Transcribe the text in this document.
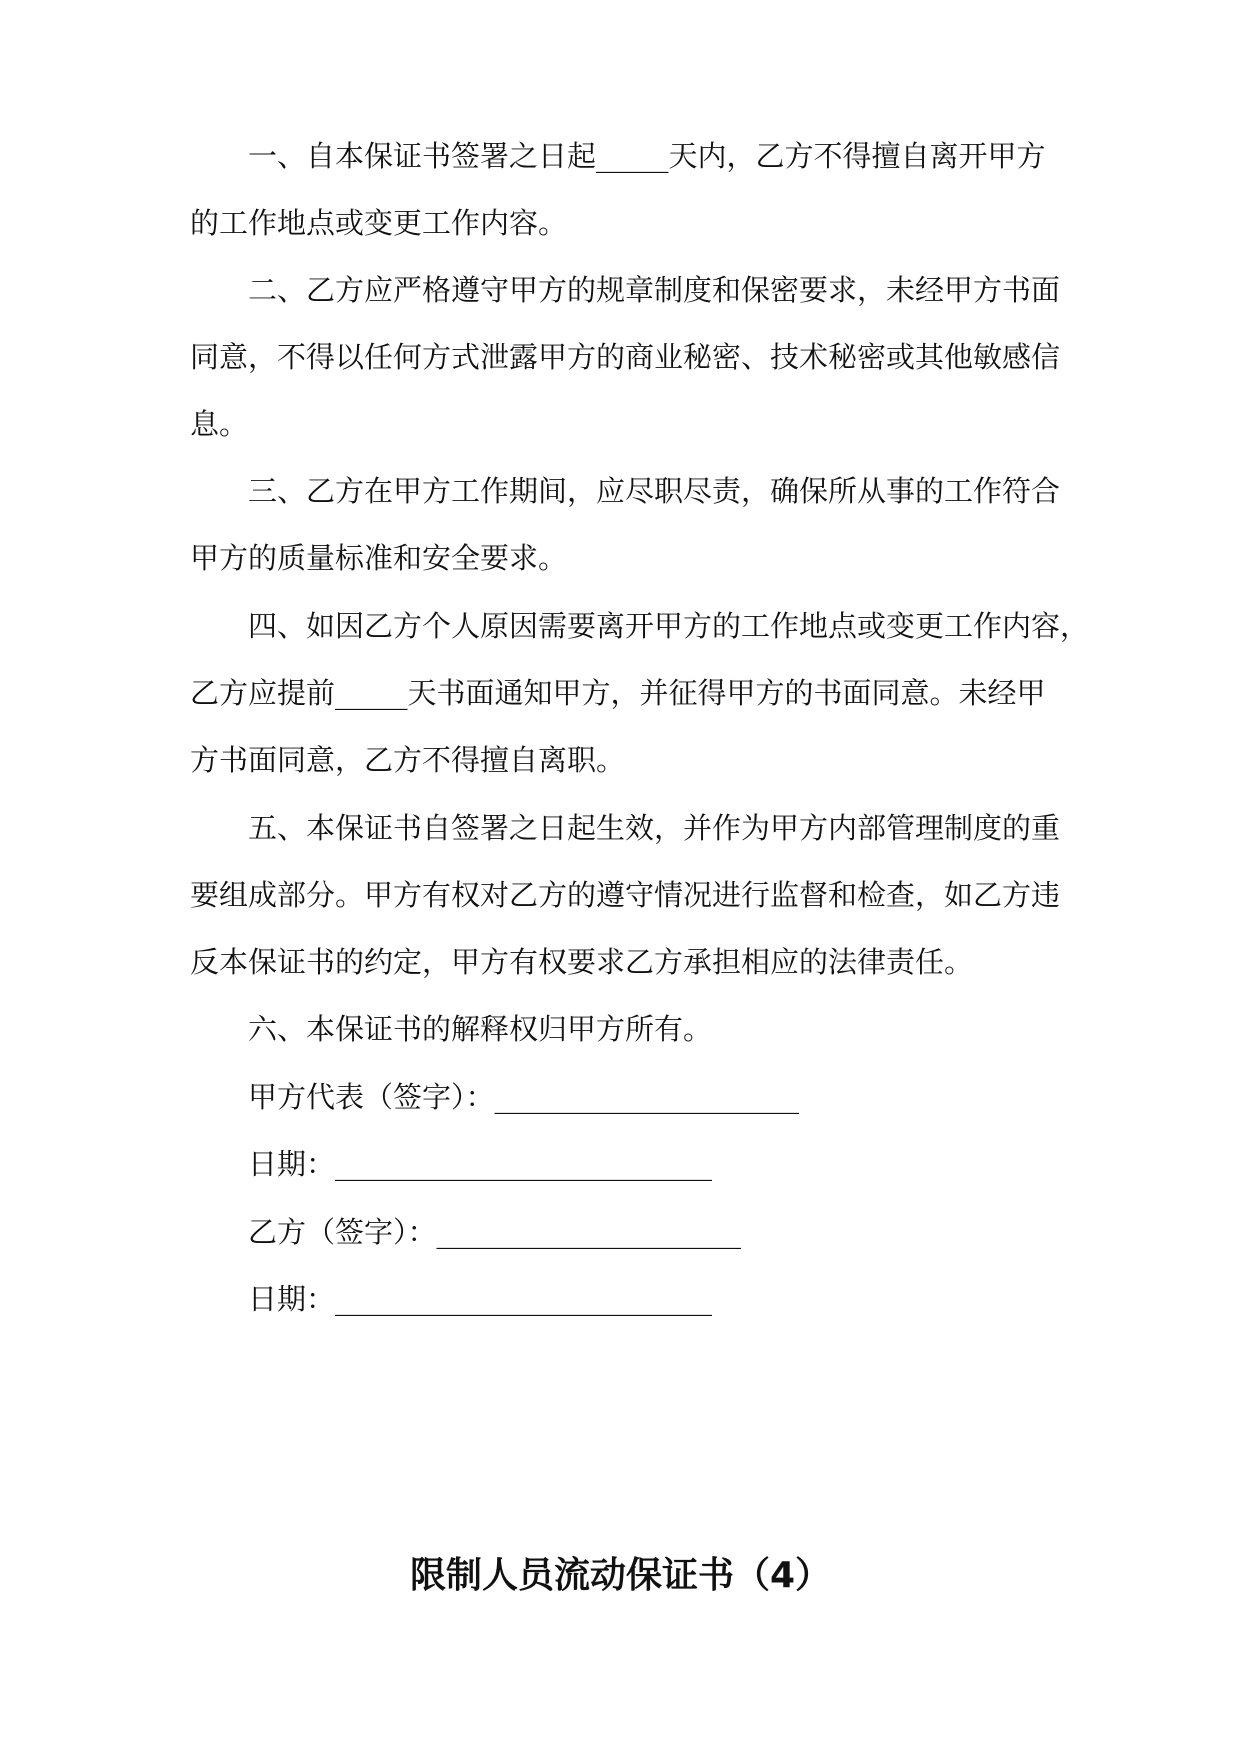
一、自本保证书签署之日起_____天内，乙方不得擅自离开甲方
的工作地点或变更工作内容。
二、乙方应严格遵守甲方的规章制度和保密要求，未经甲方书面
同意，不得以任何方式泄露甲方的商业秘密、技术秘密或其他敏感信
息。
三、乙方在甲方工作期间，应尽职尽责，确保所从事的工作符合
甲方的质量标准和安全要求。
四、如因乙方个人原因需要离开甲方的工作地点或变更工作内容，
乙方应提前_____天书面通知甲方，并征得甲方的书面同意。未经甲
方书面同意，乙方不得擅自离职。
五、本保证书自签署之日起生效，并作为甲方内部管理制度的重
要组成部分。甲方有权对乙方的遵守情况进行监督和检查，如乙方违
反本保证书的约定，甲方有权要求乙方承担相应的法律责任。
六、本保证书的解释权归甲方所有。
甲方代表（签字）：_____________________
日期：__________________________
乙方（签字）：_____________________
日期：__________________________
限制人员流动保证书（4）
